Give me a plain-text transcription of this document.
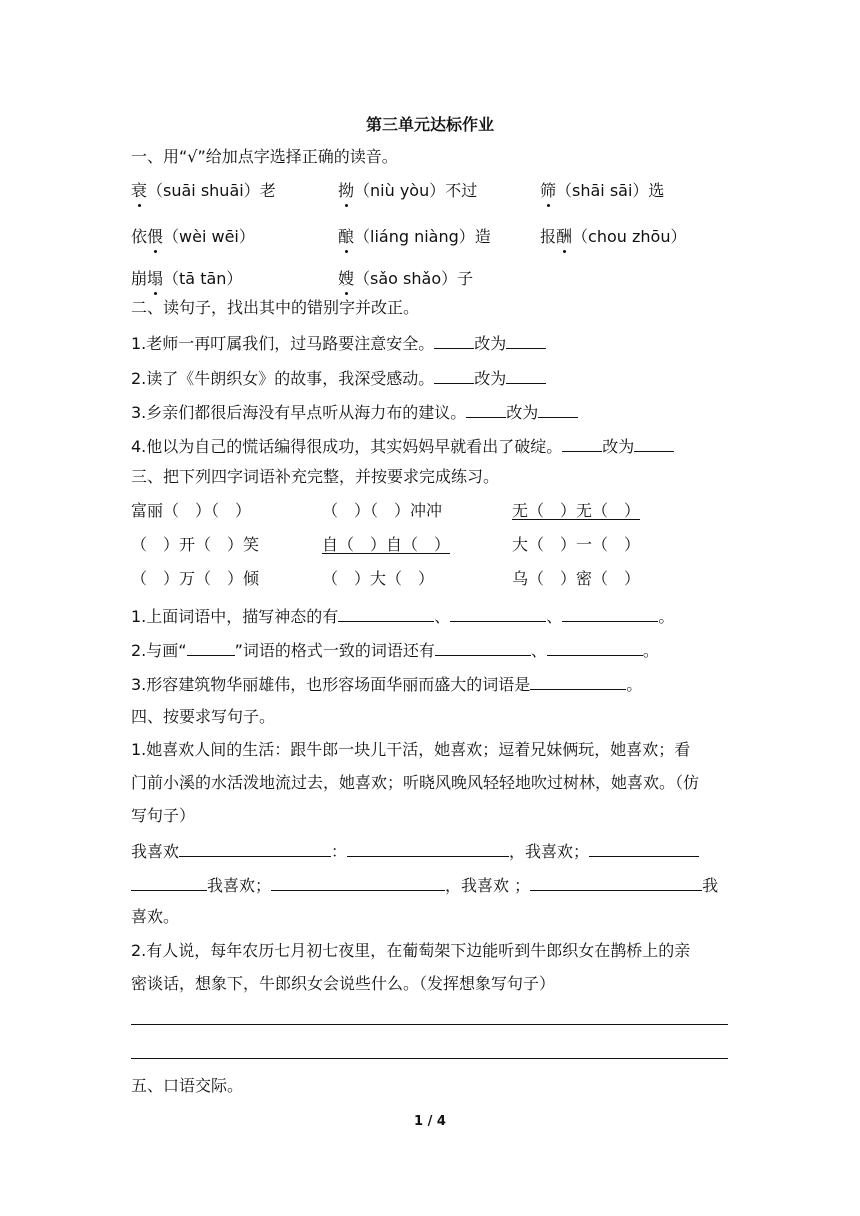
第三单元达标作业
一、用“√”给加点字选择正确的读音。
衰（suāi shuāi）老	拗（niù yòu）不过	筛（shāi sāi）选
依偎（wèi wēi）	酿（liáng niàng）造	报酬（chou zhōu）
崩塌（tā tān）	嫂（sǎo shǎo）子
二、读句子，找出其中的错别字并改正。
1.老师一再叮属我们，过马路要注意安全。	改为
2.读了《牛朗织女》的故事，我深受感动。	改为
3.乡亲们都很后海没有早点听从海力布的建议。	改为
4.他以为自己的慌话编得很成功，其实妈妈早就看出了破绽。	改为
三、把下列四字词语补充完整，并按要求完成练习。
富丽（　）（　）	（　）（　）冲冲	无（　）无（　）
（　）开（　）笑	自（　）自（　）	大（　）一（　）
（　）万（　）倾	（　）大（　）	乌（　）密（　）
1.上面词语中，描写神态的有	、	、	。
2.与画“	”词语的格式一致的词语还有	、	。
3.形容建筑物华丽雄伟，也形容场面华丽而盛大的词语是	。
四、按要求写句子。
1.她喜欢人间的生活：跟牛郎一块儿干活，她喜欢；逗着兄妹俩玩，她喜欢；看
门前小溪的水活泼地流过去，她喜欢；听晓风晚风轻轻地吹过树林，她喜欢。（仿
写句子）
我喜欢	：	，我喜欢；
我喜欢；	，我喜欢 ；	我
喜欢。
2.有人说，每年农历七月初七夜里，在葡萄架下边能听到牛郎织女在鹊桥上的亲
密谈话，想象下，牛郎织女会说些什么。（发挥想象写句子）
五、口语交际。
1 / 4
